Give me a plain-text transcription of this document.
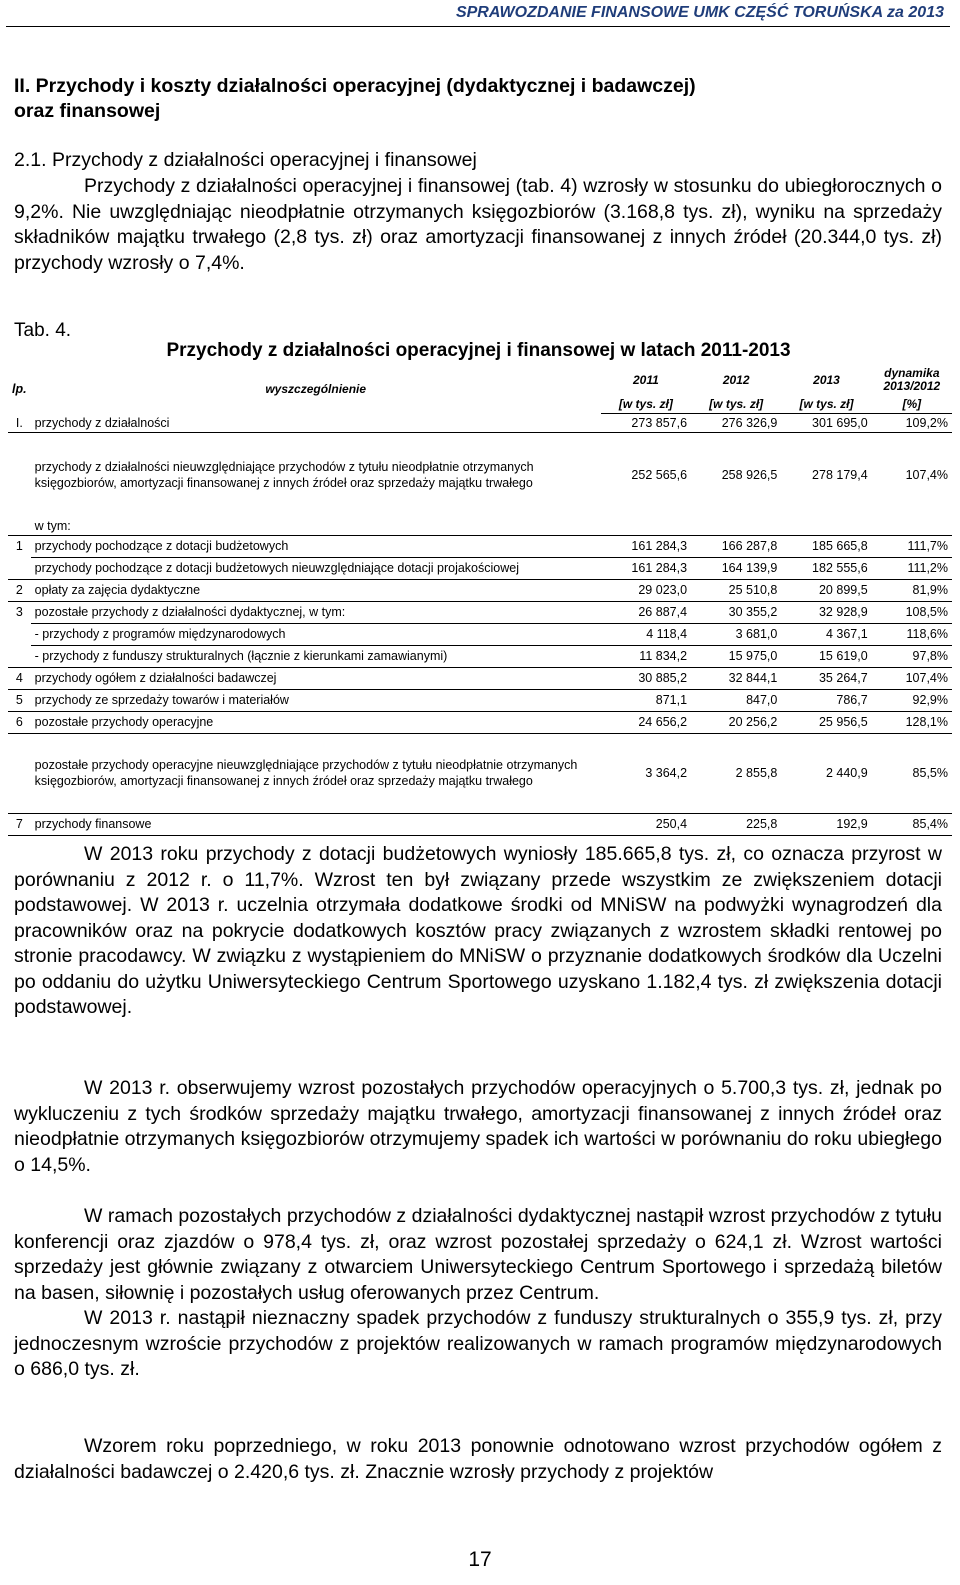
SPRAWOZDANIE FINANSOWE UMK CZĘŚĆ TORUŃSKA za 2013
II. Przychody i koszty działalności operacyjnej (dydaktycznej i badawczej)
oraz finansowej
2.1. Przychody z działalności operacyjnej i finansowej
Przychody z działalności operacyjnej i finansowej (tab. 4) wzrosły w stosunku do ubiegłorocznych o 9,2%. Nie uwzględniając nieodpłatnie otrzymanych księgozbiorów (3.168,8 tys. zł), wyniku na sprzedaży składników majątku trwałego (2,8 tys. zł) oraz amortyzacji finansowanej z innych źródeł (20.344,0 tys. zł) przychody wzrosły o 7,4%.
Tab. 4.
Przychody z działalności operacyjnej i finansowej w latach 2011-2013
lp.	wyszczególnienie	2011	2012	2013	dynamika
2013/2012
		[w tys. zł]	[w tys. zł]	[w tys. zł]	[%]
I.	przychody z działalności	273 857,6	276 326,9	301 695,0	109,2%
	przychody z działalności nieuwzględniające przychodów z tytułu nieodpłatnie otrzymanych księgozbiorów, amortyzacji finansowanej z innych źródeł oraz sprzedaży majątku trwałego	252 565,6	258 926,5	278 179,4	107,4%
	w tym:				
1	przychody pochodzące z dotacji budżetowych	161 284,3	166 287,8	185 665,8	111,7%
	przychody pochodzące z dotacji budżetowych nieuwzględniające dotacji projakościowej	161 284,3	164 139,9	182 555,6	111,2%
2	opłaty za zajęcia dydaktyczne	29 023,0	25 510,8	20 899,5	81,9%
3	pozostałe przychody z działalności dydaktycznej, w tym:	26 887,4	30 355,2	32 928,9	108,5%
	- przychody z programów międzynarodowych	4 118,4	3 681,0	4 367,1	118,6%
	- przychody z funduszy strukturalnych (łącznie z kierunkami zamawianymi)	11 834,2	15 975,0	15 619,0	97,8%
4	przychody ogółem z działalności badawczej	30 885,2	32 844,1	35 264,7	107,4%
5	przychody ze sprzedaży towarów i materiałów	871,1	847,0	786,7	92,9%
6	pozostałe przychody operacyjne	24 656,2	20 256,2	25 956,5	128,1%
	pozostałe przychody operacyjne nieuwzględniające przychodów z tytułu nieodpłatnie otrzymanych księgozbiorów, amortyzacji finansowanej z innych źródeł oraz sprzedaży majątku trwałego	3 364,2	2 855,8	2 440,9	85,5%
7	przychody finansowe	250,4	225,8	192,9	85,4%
W 2013 roku przychody z dotacji budżetowych wyniosły 185.665,8 tys. zł, co oznacza przyrost w porównaniu z 2012 r. o 11,7%. Wzrost ten był związany przede wszystkim ze zwiększeniem dotacji podstawowej. W 2013 r. uczelnia otrzymała dodatkowe środki od MNiSW na podwyżki wynagrodzeń dla pracowników oraz na pokrycie dodatkowych kosztów pracy związanych z wzrostem składki rentowej po stronie pracodawcy. W związku z wystąpieniem do MNiSW o przyznanie dodatkowych środków dla Uczelni po oddaniu do użytku Uniwersyteckiego Centrum Sportowego uzyskano 1.182,4 tys. zł zwiększenia dotacji podstawowej.
W 2013 r. obserwujemy wzrost pozostałych przychodów operacyjnych o 5.700,3 tys. zł, jednak po wykluczeniu z tych środków sprzedaży majątku trwałego, amortyzacji finansowanej z innych źródeł oraz nieodpłatnie otrzymanych księgozbiorów otrzymujemy spadek ich wartości w porównaniu do roku ubiegłego o 14,5%.
W ramach pozostałych przychodów z działalności dydaktycznej nastąpił wzrost przychodów z tytułu konferencji oraz zjazdów o 978,4 tys. zł, oraz wzrost pozostałej sprzedaży o 624,1 zł. Wzrost wartości sprzedaży jest głównie związany z otwarciem Uniwersyteckiego Centrum Sportowego i sprzedażą biletów na basen, siłownię i pozostałych usług oferowanych przez Centrum.
W 2013 r. nastąpił nieznaczny spadek przychodów z funduszy strukturalnych o 355,9 tys. zł, przy jednoczesnym wzroście przychodów z projektów realizowanych w ramach programów międzynarodowych o 686,0 tys. zł.
Wzorem roku poprzedniego, w roku 2013 ponownie odnotowano wzrost przychodów ogółem z działalności badawczej o 2.420,6 tys. zł. Znacznie wzrosły przychody z projektów
17
